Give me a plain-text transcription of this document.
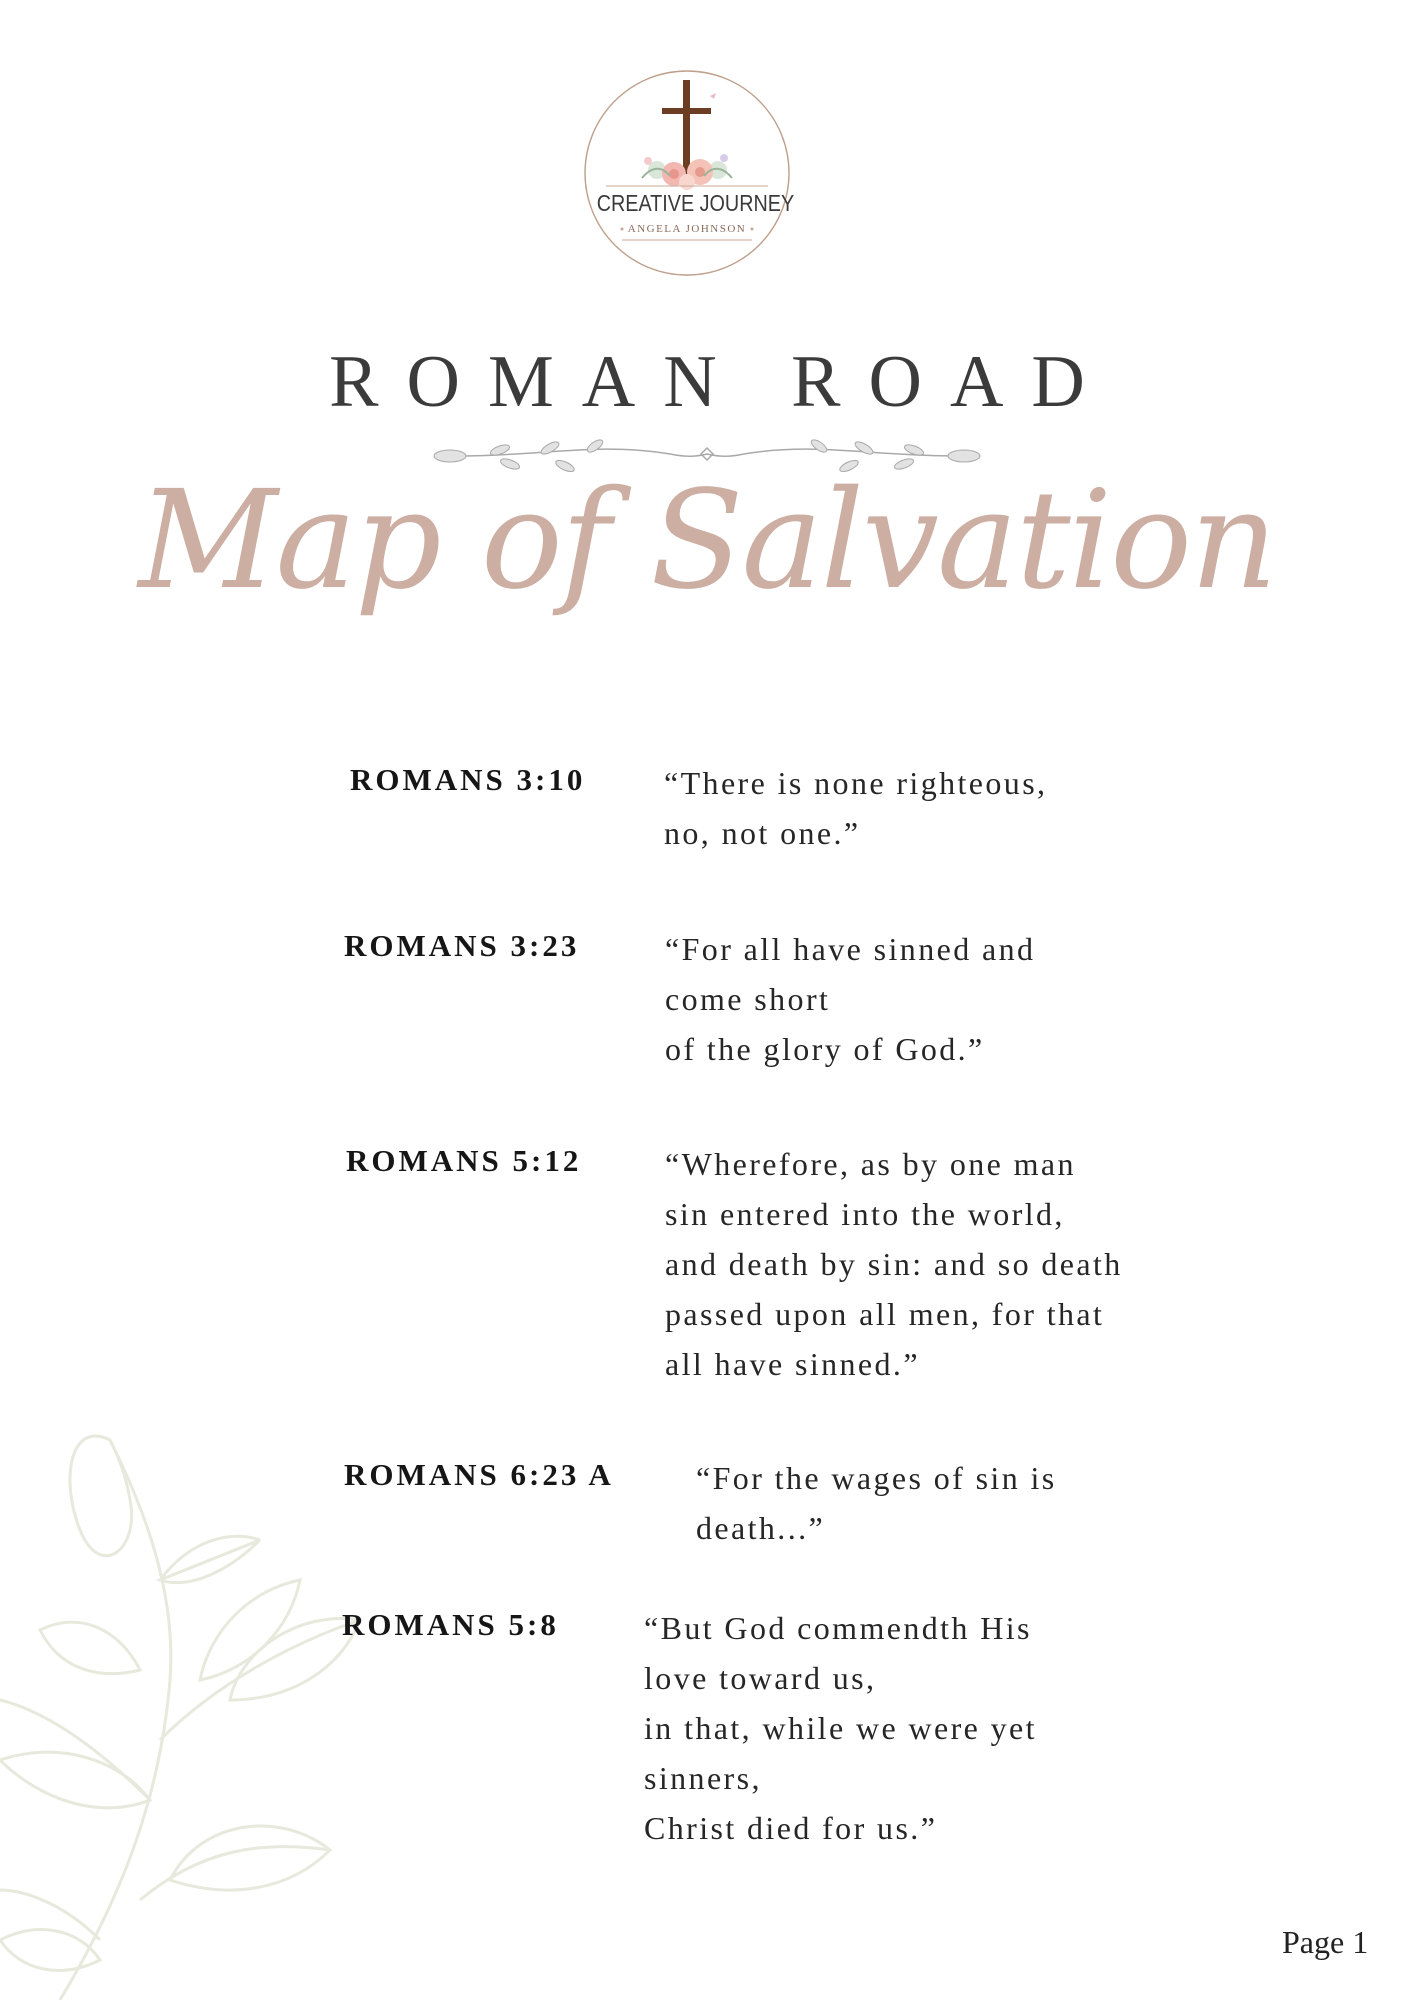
CREATIVE JOURNEY
ANGELA JOHNSON
ROMAN ROAD
Map of Salvation
ROMANS 3:10 “There is none righteous,
no, not one.”
ROMANS 3:23	“For all have sinned and
come short
of the glory of God.”
ROMANS 5:12	“Wherefore, as by one man
sin entered into the world,
and death by sin: and so death
passed upon all men, for that
all have sinned.”
ROMANS 6:23 A	“For the wages of sin is
death...”
ROMANS 5:8	“But God commendth His
love toward us,
in that, while we were yet
sinners,
Christ died for us.”
Page 1
